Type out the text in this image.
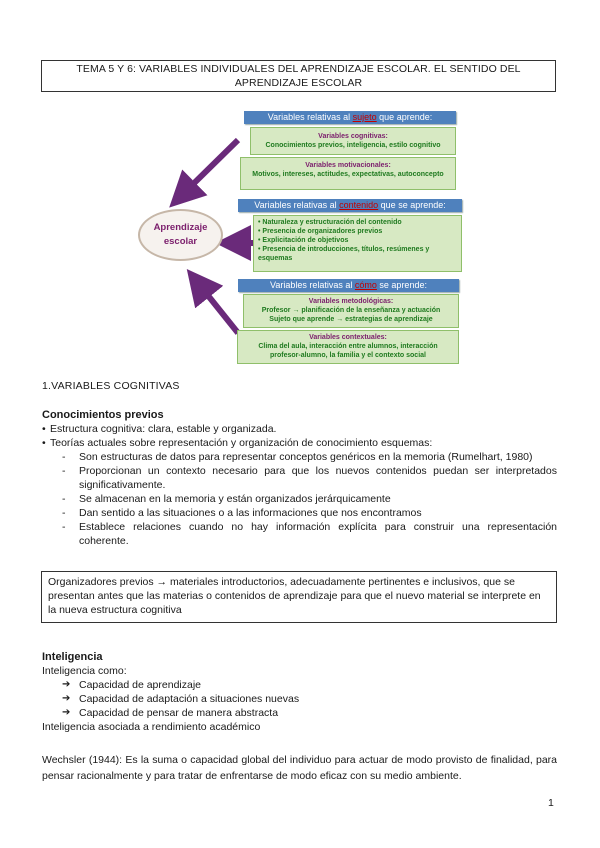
TEMA 5 Y 6: VARIABLES INDIVIDUALES DEL APRENDIZAJE ESCOLAR. EL SENTIDO DEL APRENDIZAJE ESCOLAR
Aprendizaje escolar
Variables relativas al sujeto que aprende:
Variables cognitivas:
Conocimientos previos, inteligencia, estilo cognitivo
Variables motivacionales:
Motivos, intereses, actitudes, expectativas, autoconcepto
Variables relativas al contenido que se aprende:
• Naturaleza y estructuración del contenido
• Presencia de organizadores previos
• Explicitación de objetivos
• Presencia de introducciones, títulos, resúmenes y esquemas
Variables relativas al cómo se aprende:
Variables metodológicas:
Profesor → planificación de la enseñanza y actuación
Sujeto que aprende → estrategias de aprendizaje
Variables contextuales:
Clima del aula, interacción entre alumnos, interacción profesor-alumno, la familia y el contexto social
1.VARIABLES COGNITIVAS
Conocimientos previos
• Estructura cognitiva: clara, estable y organizada.
• Teorías actuales sobre representación y organización de conocimiento esquemas:
- Son estructuras de datos para representar conceptos genéricos en la memoria (Rumelhart, 1980)
- Proporcionan un contexto necesario para que los nuevos contenidos puedan ser interpretados significativamente.
- Se almacenan en la memoria y están organizados jerárquicamente
- Dan sentido a las situaciones o a las informaciones que nos encontramos
- Establece relaciones cuando no hay información explícita para construir una representación coherente.
Organizadores previos → materiales introductorios, adecuadamente pertinentes e inclusivos, que se presentan antes que las materias o contenidos de aprendizaje para que el nuevo material se interprete en la nueva estructura cognitiva
Inteligencia
Inteligencia como:
➔ Capacidad de aprendizaje
➔ Capacidad de adaptación a situaciones nuevas
➔ Capacidad de pensar de manera abstracta
Inteligencia asociada a rendimiento académico
Wechsler (1944): Es la suma o capacidad global del individuo para actuar de modo provisto de finalidad, para pensar racionalmente y para tratar de enfrentarse de modo eficaz con su medio ambiente.
1
